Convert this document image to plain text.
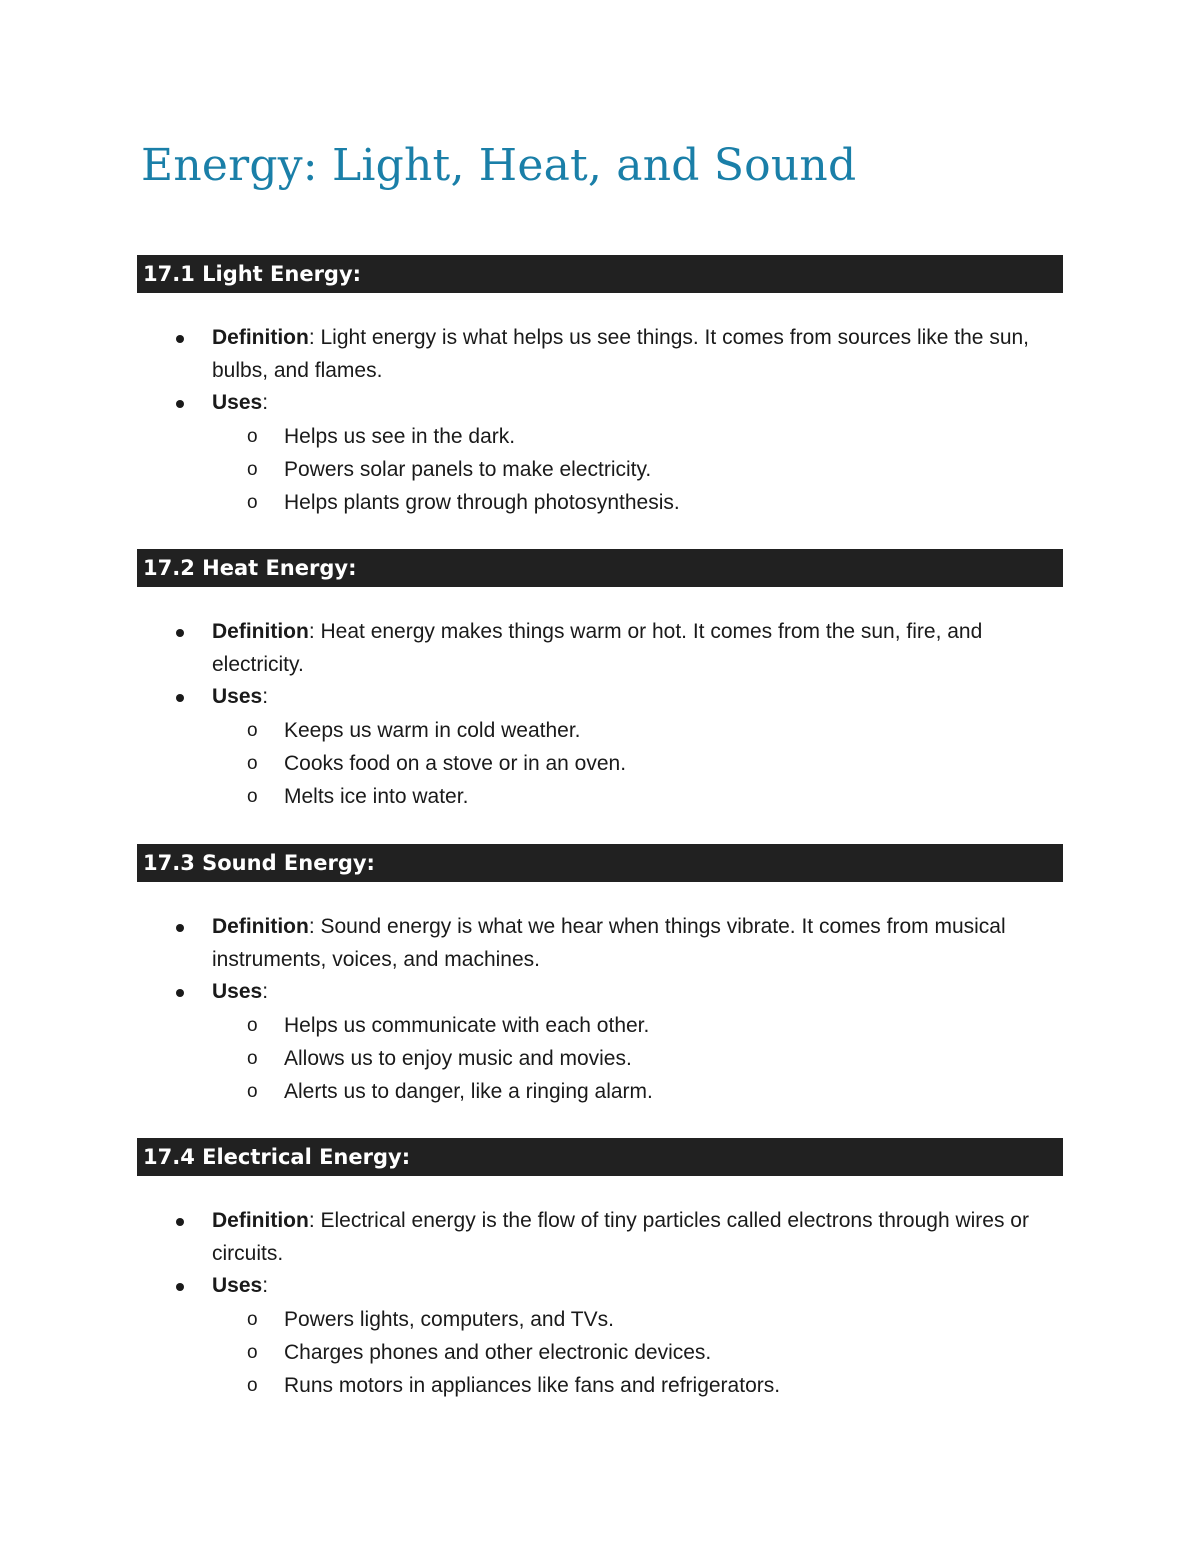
Energy: Light, Heat, and Sound
17.1 Light Energy:
Definition: Light energy is what helps us see things. It comes from sources like the sun, bulbs, and flames.
Uses:
o Helps us see in the dark.
o Powers solar panels to make electricity.
o Helps plants grow through photosynthesis.
17.2 Heat Energy:
Definition: Heat energy makes things warm or hot. It comes from the sun, fire, and electricity.
Uses:
o Keeps us warm in cold weather.
o Cooks food on a stove or in an oven.
o Melts ice into water.
17.3 Sound Energy:
Definition: Sound energy is what we hear when things vibrate. It comes from musical instruments, voices, and machines.
Uses:
o Helps us communicate with each other.
o Allows us to enjoy music and movies.
o Alerts us to danger, like a ringing alarm.
17.4 Electrical Energy:
Definition: Electrical energy is the flow of tiny particles called electrons through wires or circuits.
Uses:
o Powers lights, computers, and TVs.
o Charges phones and other electronic devices.
o Runs motors in appliances like fans and refrigerators.
